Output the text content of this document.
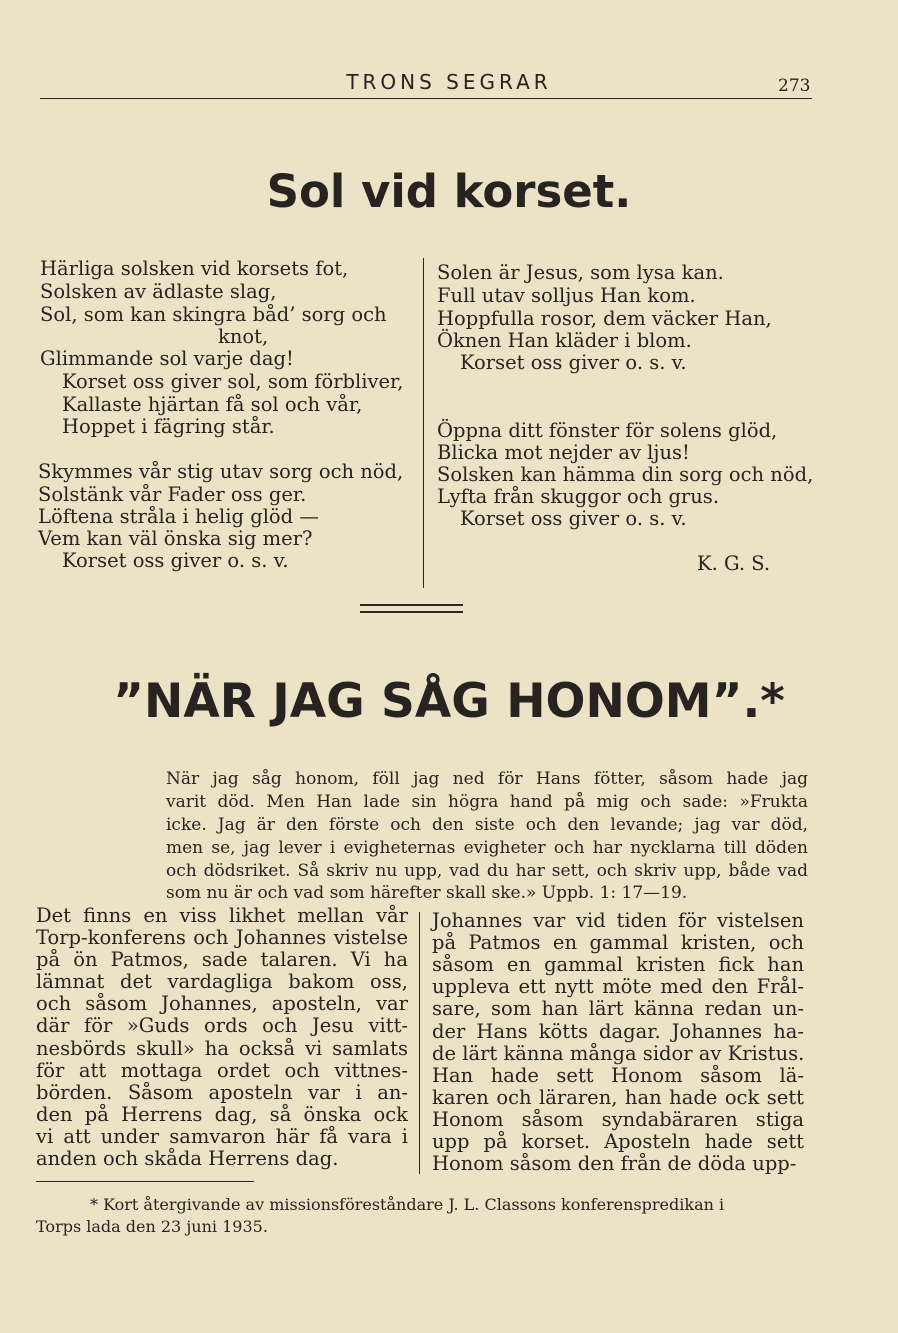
TRONS SEGRAR	273
Sol vid korset.
Härliga solsken vid korsets fot,
Solsken av ädlaste slag,
Sol, som kan skingra båd’ sorg och
knot,
Glimmande sol varje dag!
Korset oss giver sol, som förbliver,
Kallaste hjärtan få sol och vår,
Hoppet i fägring står.
Skymmes vår stig utav sorg och nöd,
Solstänk vår Fader oss ger.
Löftena stråla i helig glöd —
Vem kan väl önska sig mer?
Korset oss giver o. s. v.
Solen är Jesus, som lysa kan.
Full utav solljus Han kom.
Hoppfulla rosor, dem väcker Han,
Öknen Han kläder i blom.
Korset oss giver o. s. v.
Öppna ditt fönster för solens glöd,
Blicka mot nejder av ljus!
Solsken kan hämma din sorg och nöd,
Lyfta från skuggor och grus.
Korset oss giver o. s. v.
K. G. S.
”NÄR JAG SÅG HONOM”.*
När jag såg honom, föll jag ned för Hans fötter, såsom hade jag
varit död. Men Han lade sin högra hand på mig och sade: »Frukta
icke. Jag är den förste och den siste och den levande; jag var död,
men se, jag lever i evigheternas evigheter och har nycklarna till döden
och dödsriket. Så skriv nu upp, vad du har sett, och skriv upp, både vad
som nu är och vad som härefter skall ske.» Uppb. 1: 17—19.
Det finns en viss likhet mellan vår
Torp-konferens och Johannes vistelse
på ön Patmos, sade talaren. Vi ha
lämnat det vardagliga bakom oss,
och såsom Johannes, aposteln, var
där för »Guds ords och Jesu vitt-
nesbörds skull» ha också vi samlats
för att mottaga ordet och vittnes-
börden. Såsom aposteln var i an-
den på Herrens dag, så önska ock
vi att under samvaron här få vara i
anden och skåda Herrens dag.
Johannes var vid tiden för vistelsen
på Patmos en gammal kristen, och
såsom en gammal kristen fick han
uppleva ett nytt möte med den Frål-
sare, som han lärt känna redan un-
der Hans kötts dagar. Johannes ha-
de lärt känna många sidor av Kristus.
Han hade sett Honom såsom lä-
karen och läraren, han hade ock sett
Honom såsom syndabäraren stiga
upp på korset. Aposteln hade sett
Honom såsom den från de döda upp-
* Kort återgivande av missionsföreståndare J. L. Classons konferenspredikan i
Torps lada den 23 juni 1935.
